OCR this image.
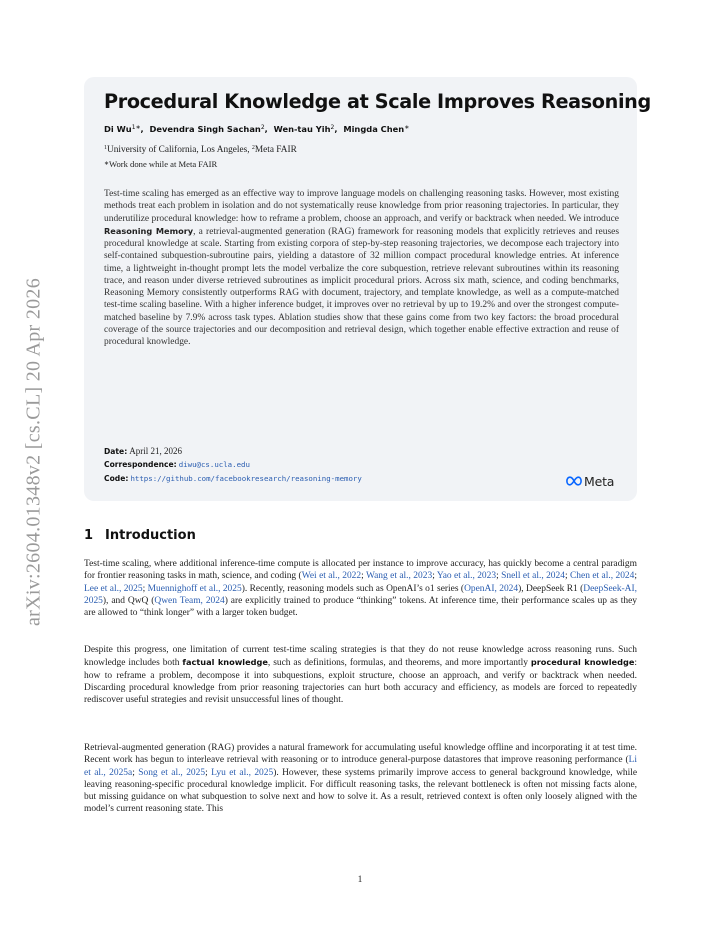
arXiv:2604.01348v2 [cs.CL] 20 Apr 2026
Procedural Knowledge at Scale Improves Reasoning
Di $Wu^{1∗}$,  Devendra Singh Sachan$^2$,  Wen-tau Yih$^2$,  Mingda Chen∗
$^1$University of California, Los Angeles, $^2$Meta FAIR
∗Work done while at Meta FAIR

Test-time scaling has emerged as an effective way to improve language models on challenging reasoning tasks. However, most existing methods treat each problem in isolation and do not systematically reuse knowledge from prior reasoning trajectories. In particular, they underutilize procedural knowledge: how to reframe a problem, choose an approach, and verify or backtrack when needed. We introduce Reasoning Memory, a retrieval-augmented generation (RAG) framework for reasoning models that explicitly retrieves and reuses procedural knowledge at scale. Starting from existing corpora of step-by-step reasoning trajectories, we decompose each trajectory into self-contained subquestion-subroutine pairs, yielding a datastore of 32 million compact procedural knowledge entries. At inference time, a lightweight in-thought prompt lets the model verbalize the core subquestion, retrieve relevant subroutines within its reasoning trace, and reason under diverse retrieved subroutines as implicit procedural priors. Across six math, science, and coding benchmarks, Reasoning Memory consistently outperforms RAG with document, trajectory, and template knowledge, as well as a compute-matched test-time scaling baseline. With a higher inference budget, it improves over no retrieval by up to 19.2% and over the strongest compute-matched baseline by 7.9% across task types. Ablation studies show that these gains come from two key factors: the broad procedural coverage of the source trajectories and our decomposition and retrieval design, which together enable effective extraction and reuse of procedural knowledge.

Date: April 21, 2026
Correspondence: diwu@cs.ucla.edu
Code: https://github.com/facebookresearch/reasoning-memory	Meta
1 Introduction

Test-time scaling, where additional inference-time compute is allocated per instance to improve accuracy, has quickly become a central paradigm for frontier reasoning tasks in math, science, and coding (Wei et al., 2022; Wang et al., 2023; Yao et al., 2023; Snell et al., 2024; Chen et al., 2024; Lee et al., 2025; Muennighoff et al., 2025). Recently, reasoning models such as OpenAI’s o1 series (OpenAI, 2024), DeepSeek R1 (DeepSeek-AI, 2025), and QwQ (Qwen Team, 2024) are explicitly trained to produce “thinking” tokens. At inference time, their performance scales up as they are allowed to “think longer” with a larger token budget.

Despite this progress, one limitation of current test-time scaling strategies is that they do not reuse knowledge across reasoning runs. Such knowledge includes both factual knowledge, such as definitions, formulas, and theorems, and more importantly procedural knowledge: how to reframe a problem, decompose it into subquestions, exploit structure, choose an approach, and verify or backtrack when needed. Discarding procedural knowledge from prior reasoning trajectories can hurt both accuracy and efficiency, as models are forced to repeatedly rediscover useful strategies and revisit unsuccessful lines of thought.

Retrieval-augmented generation (RAG) provides a natural framework for accumulating useful knowledge offline and incorporating it at test time. Recent work has begun to interleave retrieval with reasoning or to introduce general-purpose datastores that improve reasoning performance (Li et al., 2025a; Song et al., 2025; Lyu et al., 2025). However, these systems primarily improve access to general background knowledge, while leaving reasoning-specific procedural knowledge implicit. For difficult reasoning tasks, the relevant bottleneck is often not missing facts alone, but missing guidance on what subquestion to solve next and how to solve it. As a result, retrieved context is often only loosely aligned with the model’s current reasoning state. This

1
